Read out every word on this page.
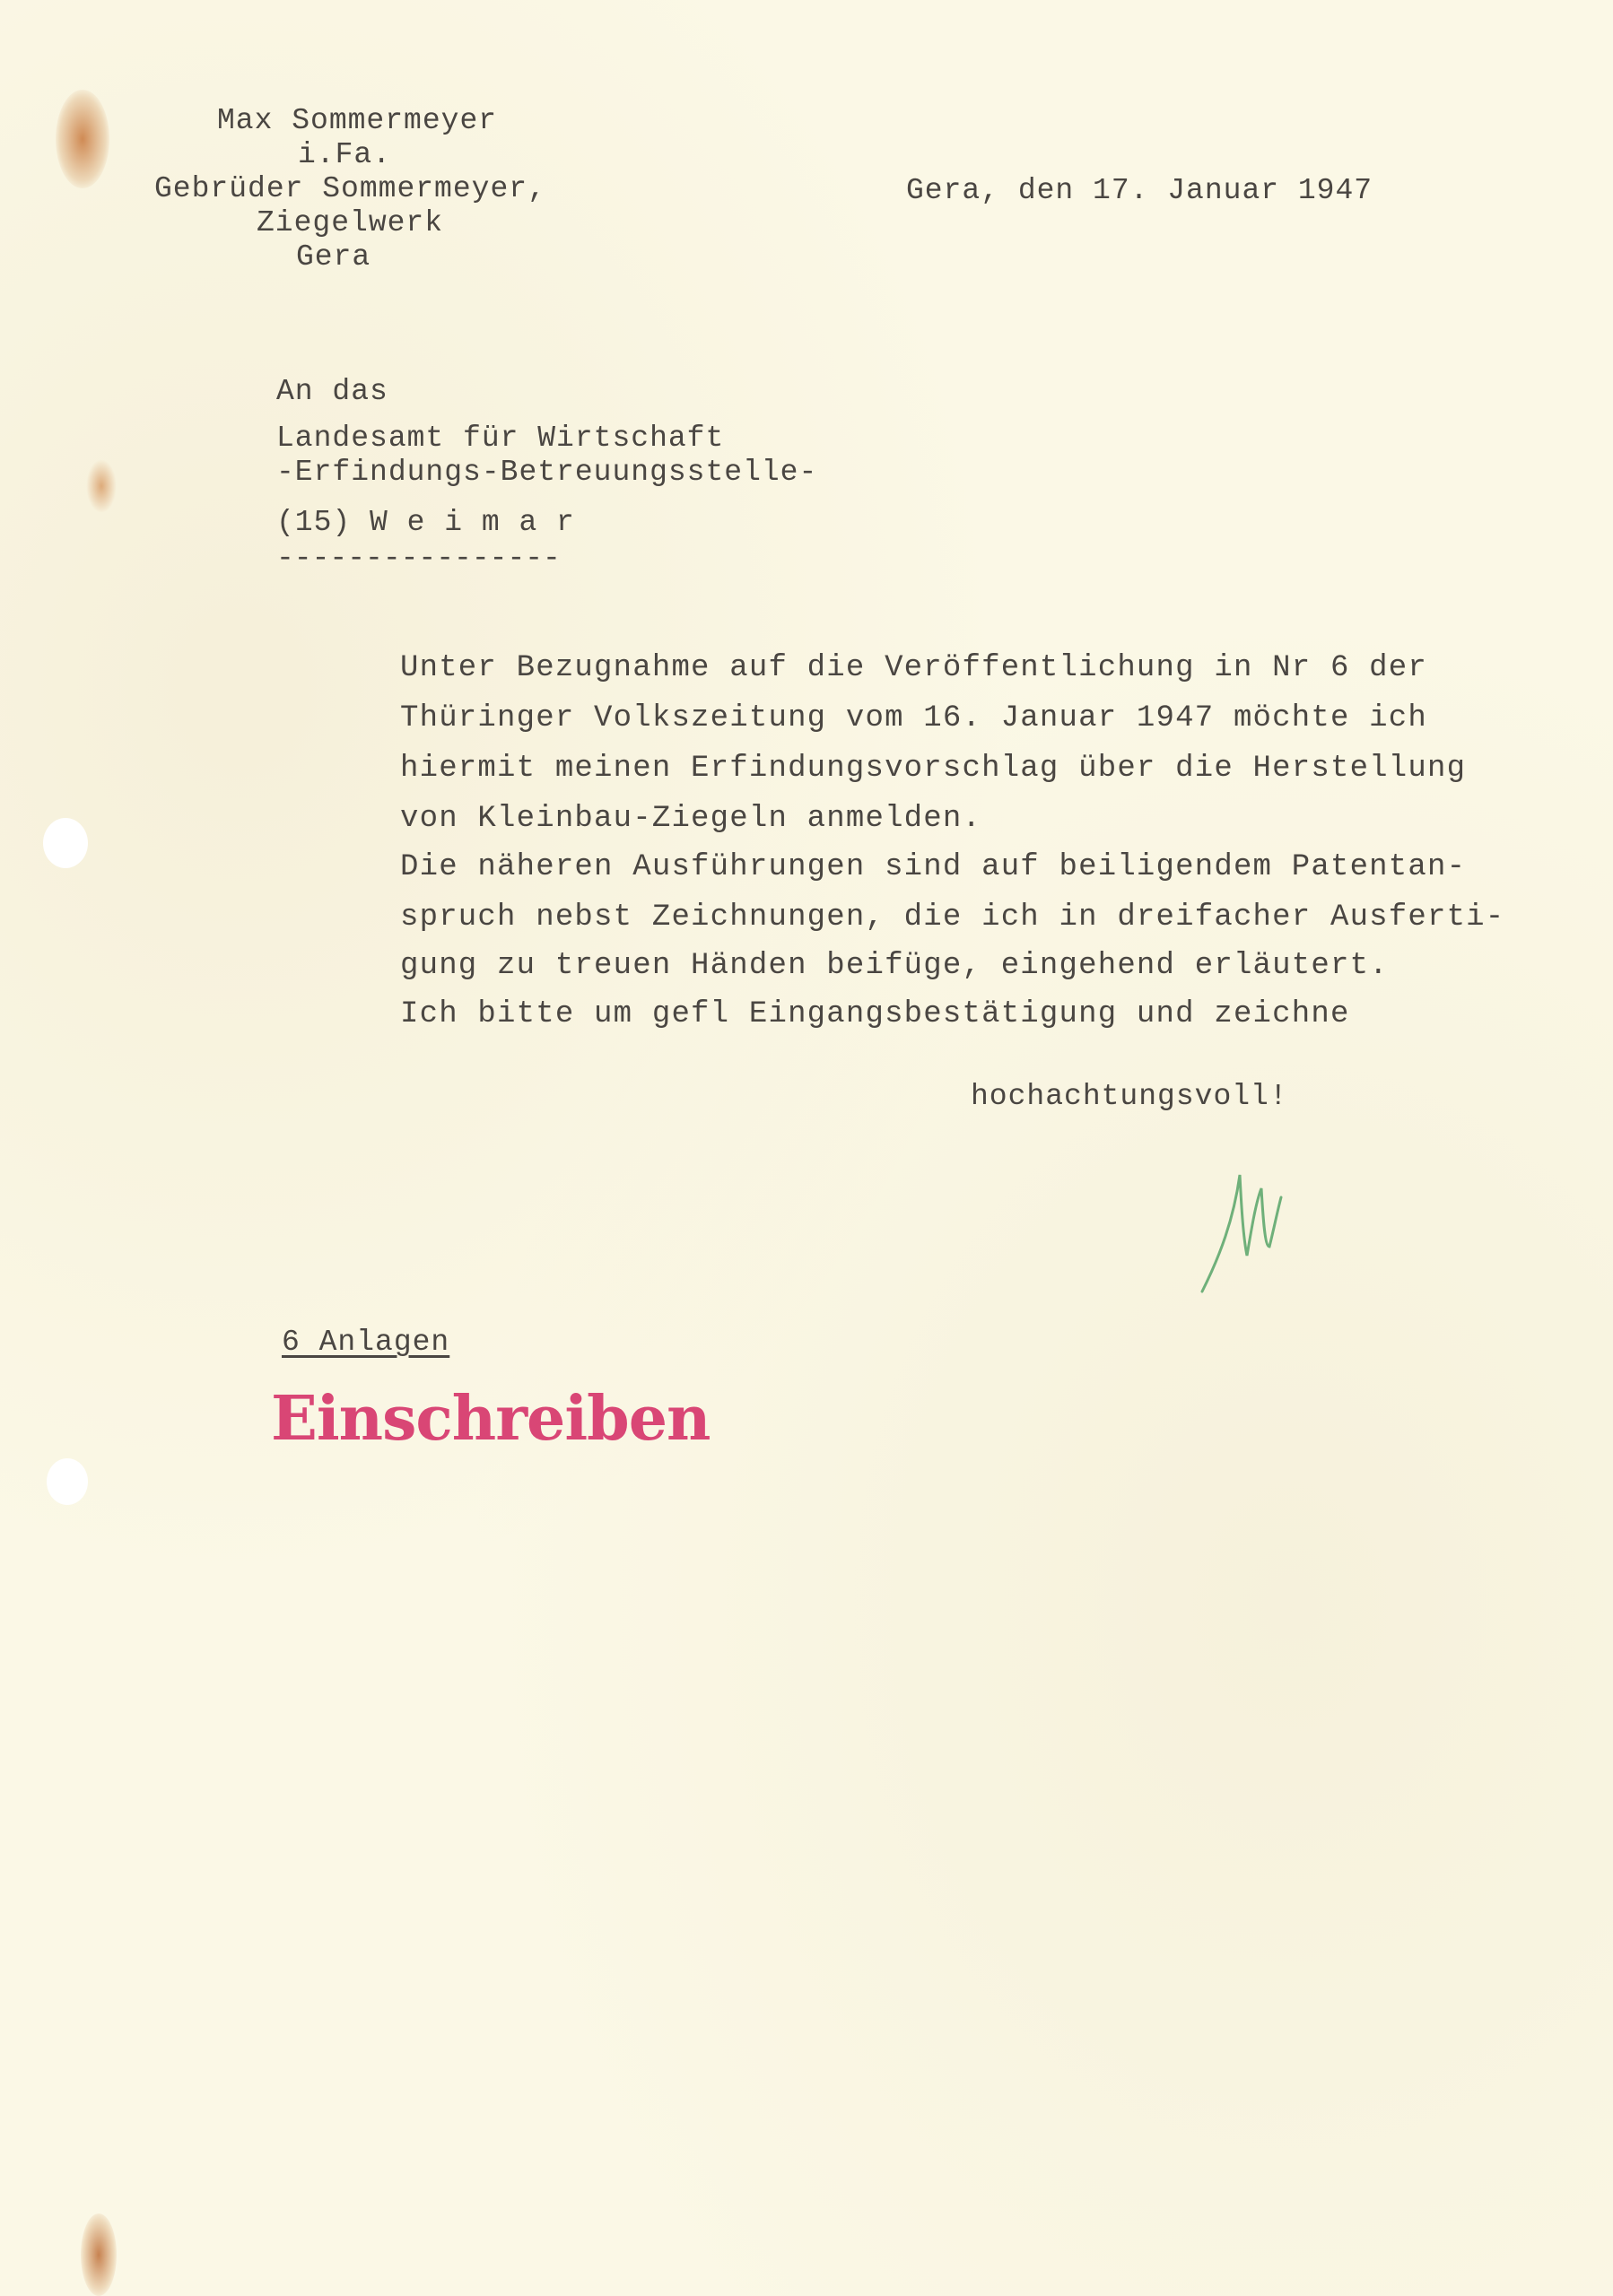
Max Sommermeyer

i.Fa.

Gebrüder Sommermeyer,

Ziegelwerk

Gera

Gera, den 17. Januar 1947
An das
Landesamt für Wirtschaft
-Erfindungs-Betreuungsstelle-
(15) W e i m a r
----------------
Unter Bezugnahme auf die Veröffentlichung in Nr 6 der
Thüringer Volkszeitung vom 16. Januar 1947 möchte ich
hiermit meinen Erfindungsvorschlag über die Herstellung
von Kleinbau-Ziegeln anmelden.
Die näheren Ausführungen sind auf beiligendem Patentan-
spruch nebst Zeichnungen, die ich in dreifacher Ausferti-
gung zu treuen Händen beifüge, eingehend erläutert.
Ich bitte um gefl Eingangsbestätigung und zeichne
hochachtungsvoll!
6 Anlagen
Einschreiben
